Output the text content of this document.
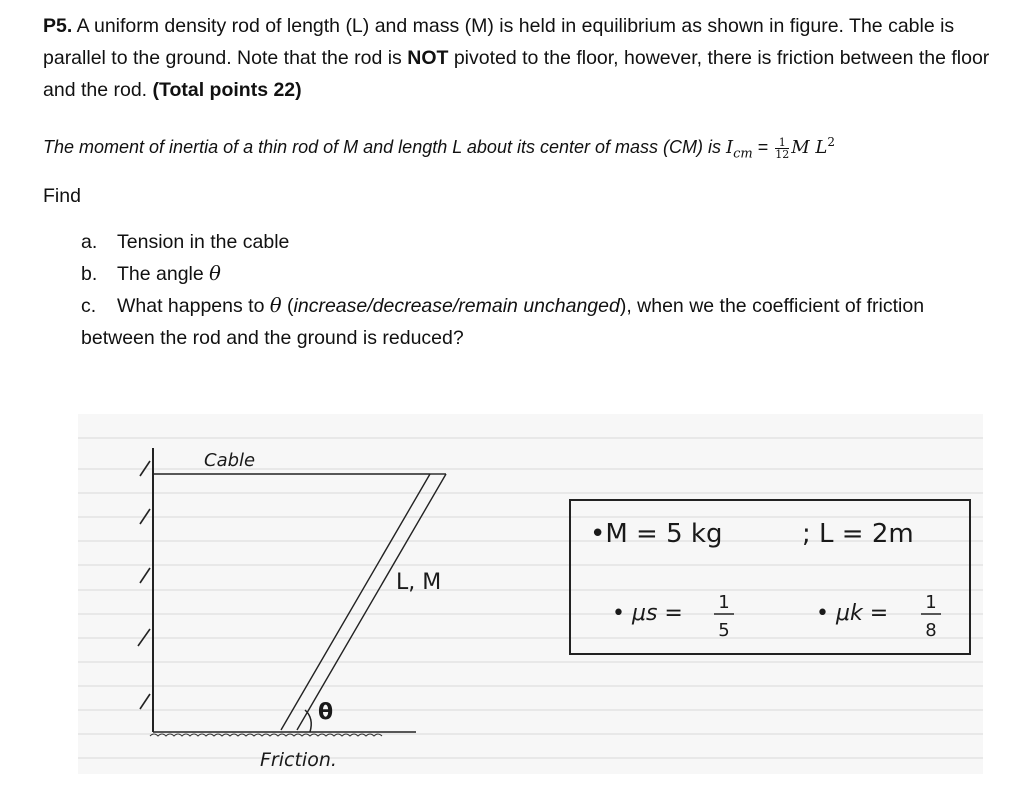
P5. A uniform density rod of length (L) and mass (M) is held in equilibrium as shown in figure. The cable is parallel to the ground. Note that the rod is NOT pivoted to the floor, however, there is friction between the floor and the rod. (Total points 22)

The moment of inertia of a thin rod of M and length L about its center of mass (CM) is $I_{cm} = \frac{1}{12}$ M $L^2$

Find

a. Tension in the cable
b. The angle θ
c. What happens to θ (increase/decrease/remain unchanged), when we the coefficient of friction between the rod and the ground is reduced?
Cable
L, M
θ
Friction.
•M = 5 kg	; L = 2m
• μs = 1
5
• μk = 1
8
